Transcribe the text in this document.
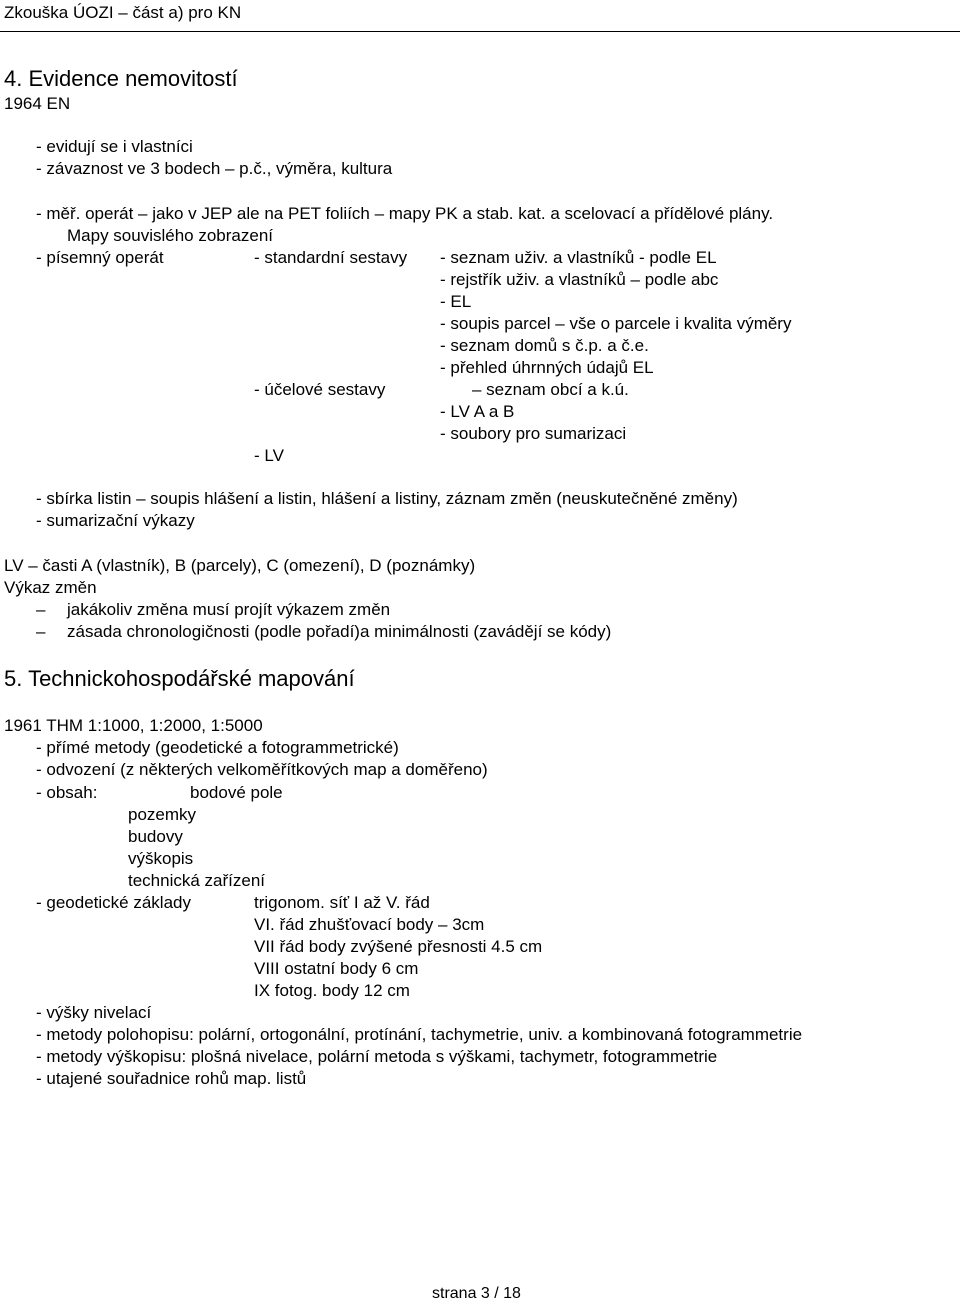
Zkouška ÚOZI – část a) pro KN
4. Evidence nemovitostí
1964 EN
- evidují se i vlastníci
- závaznost ve 3 bodech – p.č., výměra, kultura
- měř. operát – jako v JEP ale na PET foliích – mapy PK a stab. kat. a scelovací a přídělové plány.
Mapy souvislého zobrazení
- písemný operát	- standardní sestavy - seznam uživ. a vlastníků - podle EL
- rejstřík uživ. a vlastníků – podle abc
- EL
- soupis parcel – vše o parcele i kvalita výměry
- seznam domů s č.p. a č.e.
- přehled úhrnných údajů EL
- účelové sestavy	– seznam obcí a k.ú.
- LV A a B
- soubory pro sumarizaci
- LV
- sbírka listin – soupis hlášení a listin, hlášení a listiny, záznam změn (neuskutečněné změny)
- sumarizační výkazy
LV – časti A (vlastník), B (parcely), C (omezení), D (poznámky)
Výkaz změn
– jakákoliv změna musí projít výkazem změn
– zásada chronologičnosti (podle pořadí)a minimálnosti (zavádějí se kódy)
5. Technickohospodářské mapování
1961 THM 1:1000, 1:2000, 1:5000
- přímé metody (geodetické a fotogrammetrické)
- odvození (z některých velkoměřítkových map a doměřeno)
- obsah:	bodové pole
pozemky
budovy
výškopis
technická zařízení
- geodetické základy	trigonom. síť I až V. řád
VI. řád zhušťovací body – 3cm
VII řád body zvýšené přesnosti 4.5 cm
VIII ostatní body 6 cm
IX fotog. body 12 cm
- výšky nivelací
- metody polohopisu: polární, ortogonální, protínání, tachymetrie, univ. a kombinovaná fotogrammetrie
- metody výškopisu: plošná nivelace, polární metoda s výškami, tachymetr, fotogrammetrie
- utajené souřadnice rohů map. listů
strana 3 / 18
